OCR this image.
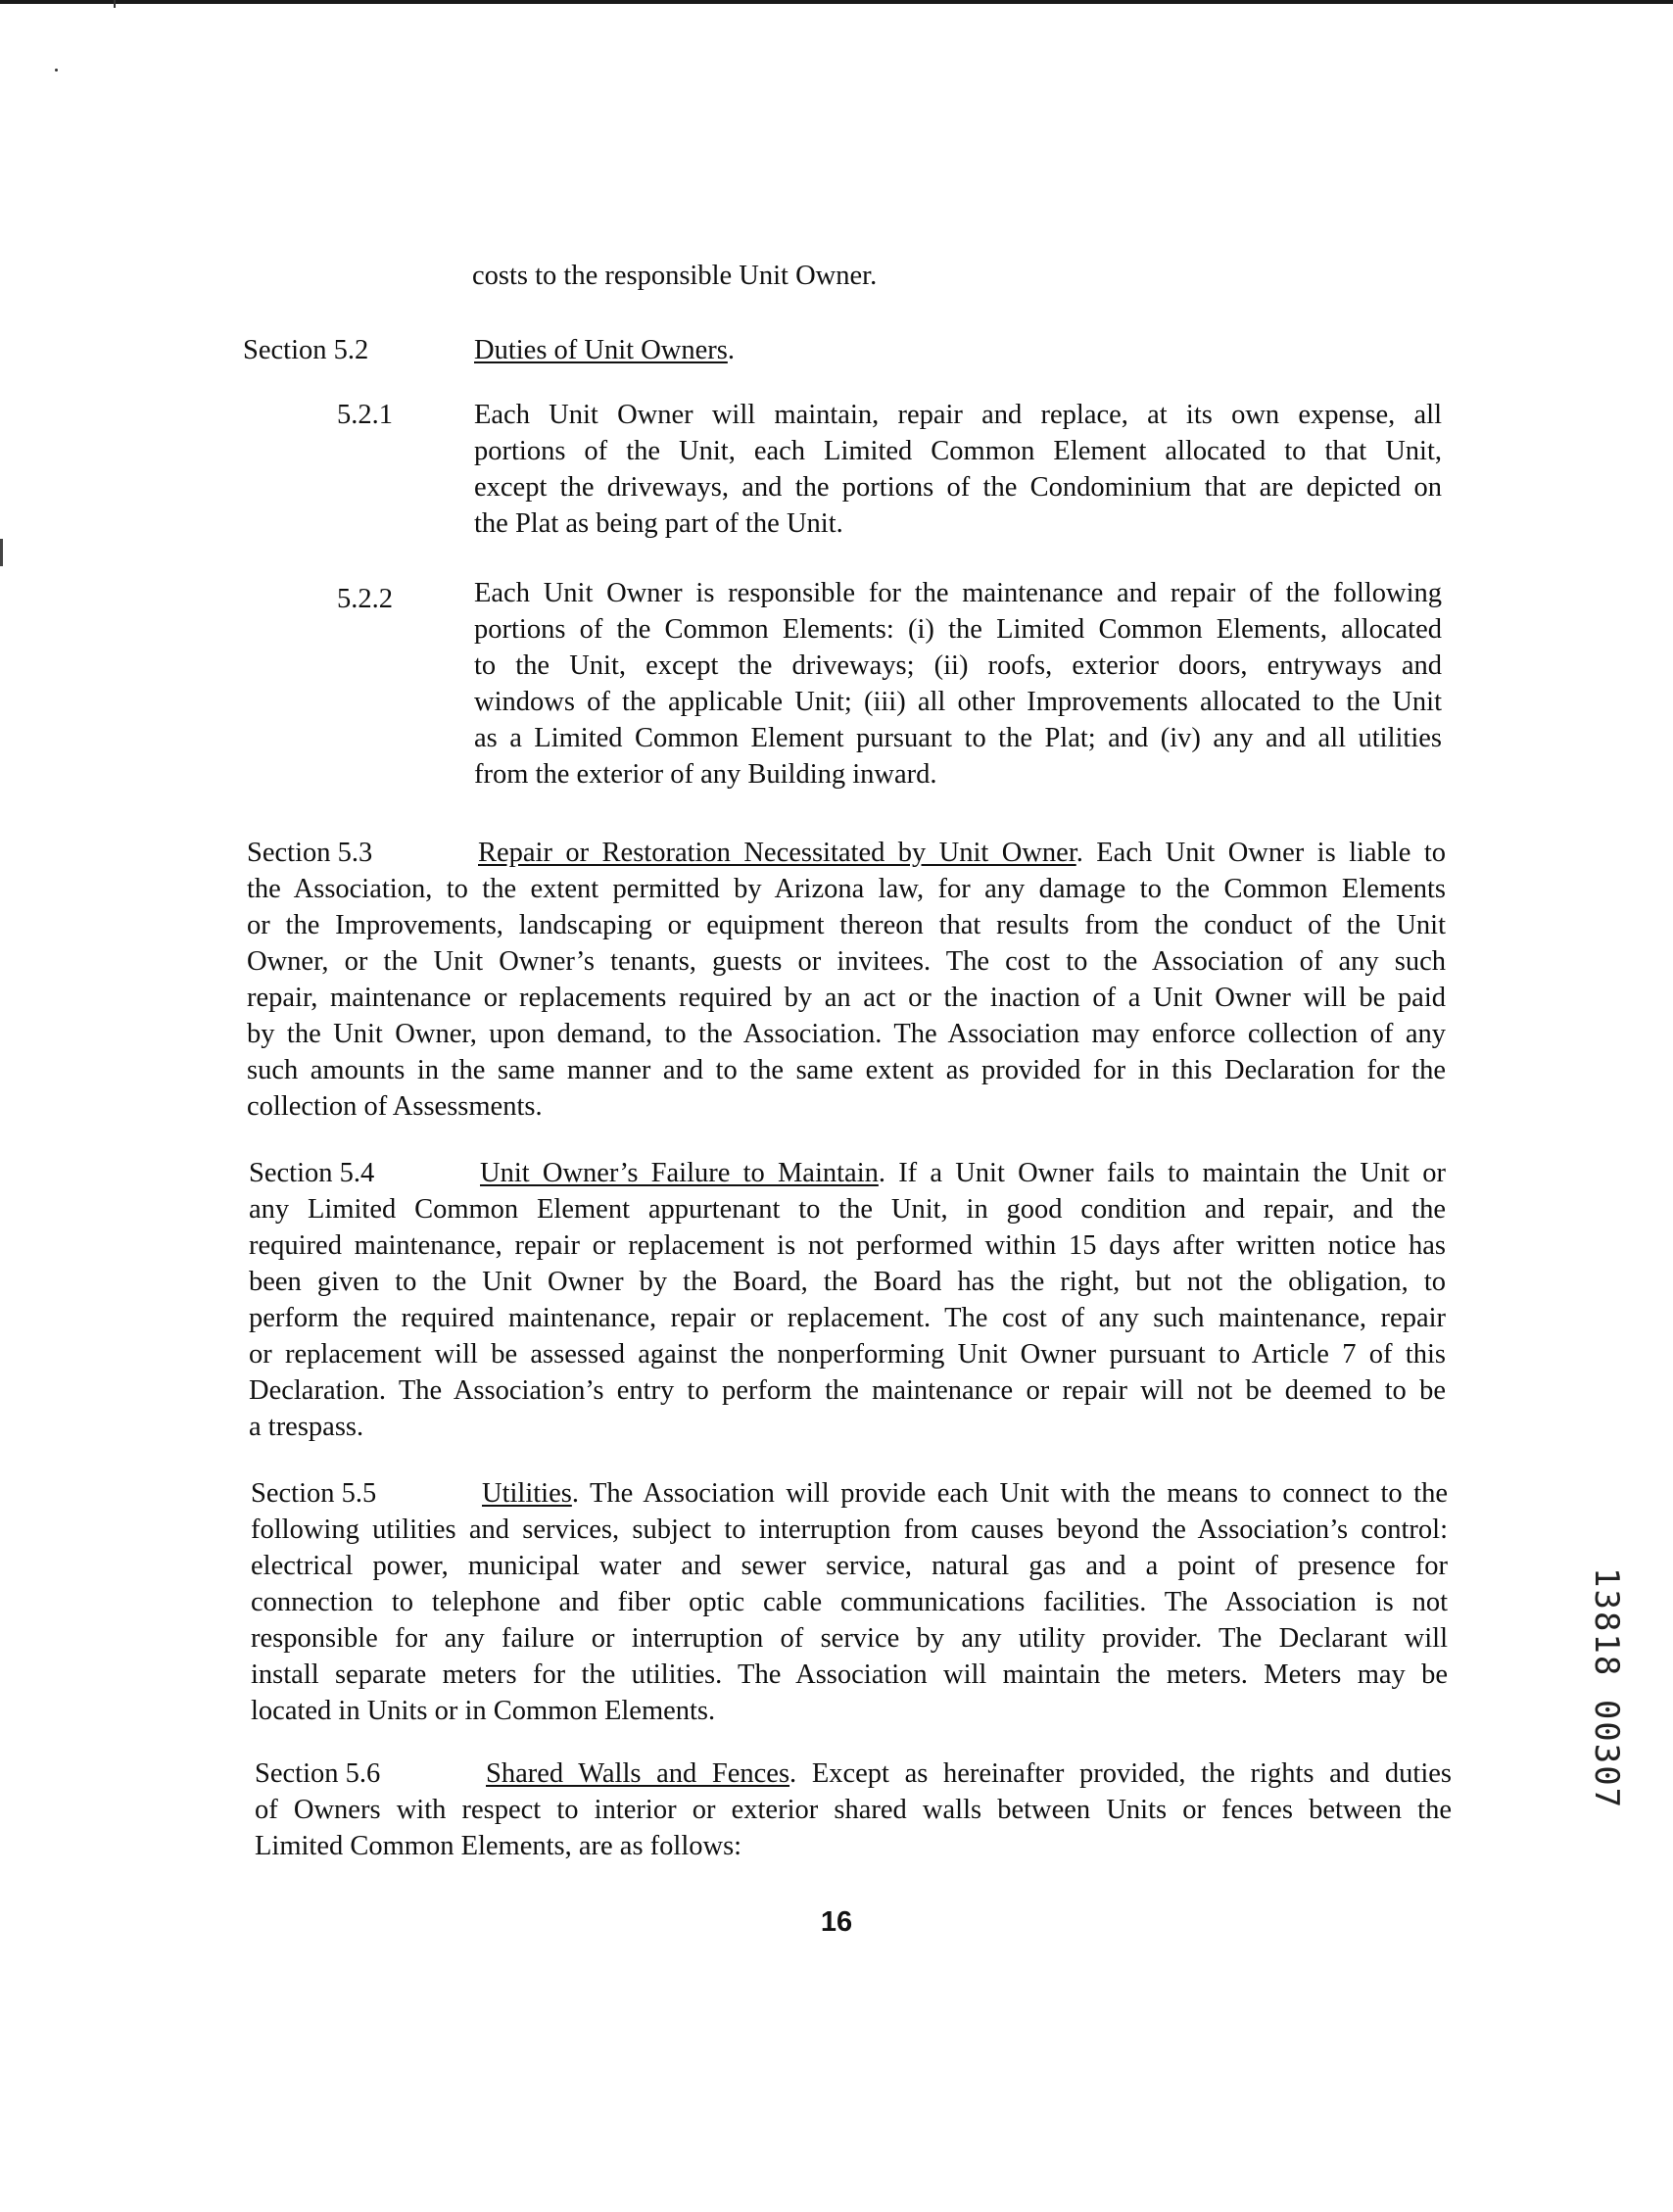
costs to the responsible Unit Owner.
Section 5.2	Duties of Unit Owners.
5.2.1	Each Unit Owner will maintain, repair and replace, at its own expense, all
portions of the Unit, each Limited Common Element allocated to that Unit,
except the driveways, and the portions of the Condominium that are depicted on
the Plat as being part of the Unit.
5.2.2	Each Unit Owner is responsible for the maintenance and repair of the following
portions of the Common Elements: (i) the Limited Common Elements, allocated
to the Unit, except the driveways; (ii) roofs, exterior doors, entryways and
windows of the applicable Unit; (iii) all other Improvements allocated to the Unit
as a Limited Common Element pursuant to the Plat; and (iv) any and all utilities
from the exterior of any Building inward.
Section 5.3	Repair or Restoration Necessitated by Unit Owner. Each Unit Owner is liable to
the Association, to the extent permitted by Arizona law, for any damage to the Common Elements
or the Improvements, landscaping or equipment thereon that results from the conduct of the Unit
Owner, or the Unit Owner’s tenants, guests or invitees. The cost to the Association of any such
repair, maintenance or replacements required by an act or the inaction of a Unit Owner will be paid
by the Unit Owner, upon demand, to the Association. The Association may enforce collection of any
such amounts in the same manner and to the same extent as provided for in this Declaration for the
collection of Assessments.
Section 5.4	Unit Owner’s Failure to Maintain. If a Unit Owner fails to maintain the Unit or
any Limited Common Element appurtenant to the Unit, in good condition and repair, and the
required maintenance, repair or replacement is not performed within 15 days after written notice has
been given to the Unit Owner by the Board, the Board has the right, but not the obligation, to
perform the required maintenance, repair or replacement. The cost of any such maintenance, repair
or replacement will be assessed against the nonperforming Unit Owner pursuant to Article 7 of this
Declaration. The Association’s entry to perform the maintenance or repair will not be deemed to be
a trespass.
Section 5.5	Utilities. The Association will provide each Unit with the means to connect to the
following utilities and services, subject to interruption from causes beyond the Association’s control:
electrical power, municipal water and sewer service, natural gas and a point of presence for
connection to telephone and fiber optic cable communications facilities. The Association is not
responsible for any failure or interruption of service by any utility provider. The Declarant will
install separate meters for the utilities. The Association will maintain the meters. Meters may be
located in Units or in Common Elements.
Section 5.6	Shared Walls and Fences. Except as hereinafter provided, the rights and duties
of Owners with respect to interior or exterior shared walls between Units or fences between the
Limited Common Elements, are as follows:
16
13818 00307
